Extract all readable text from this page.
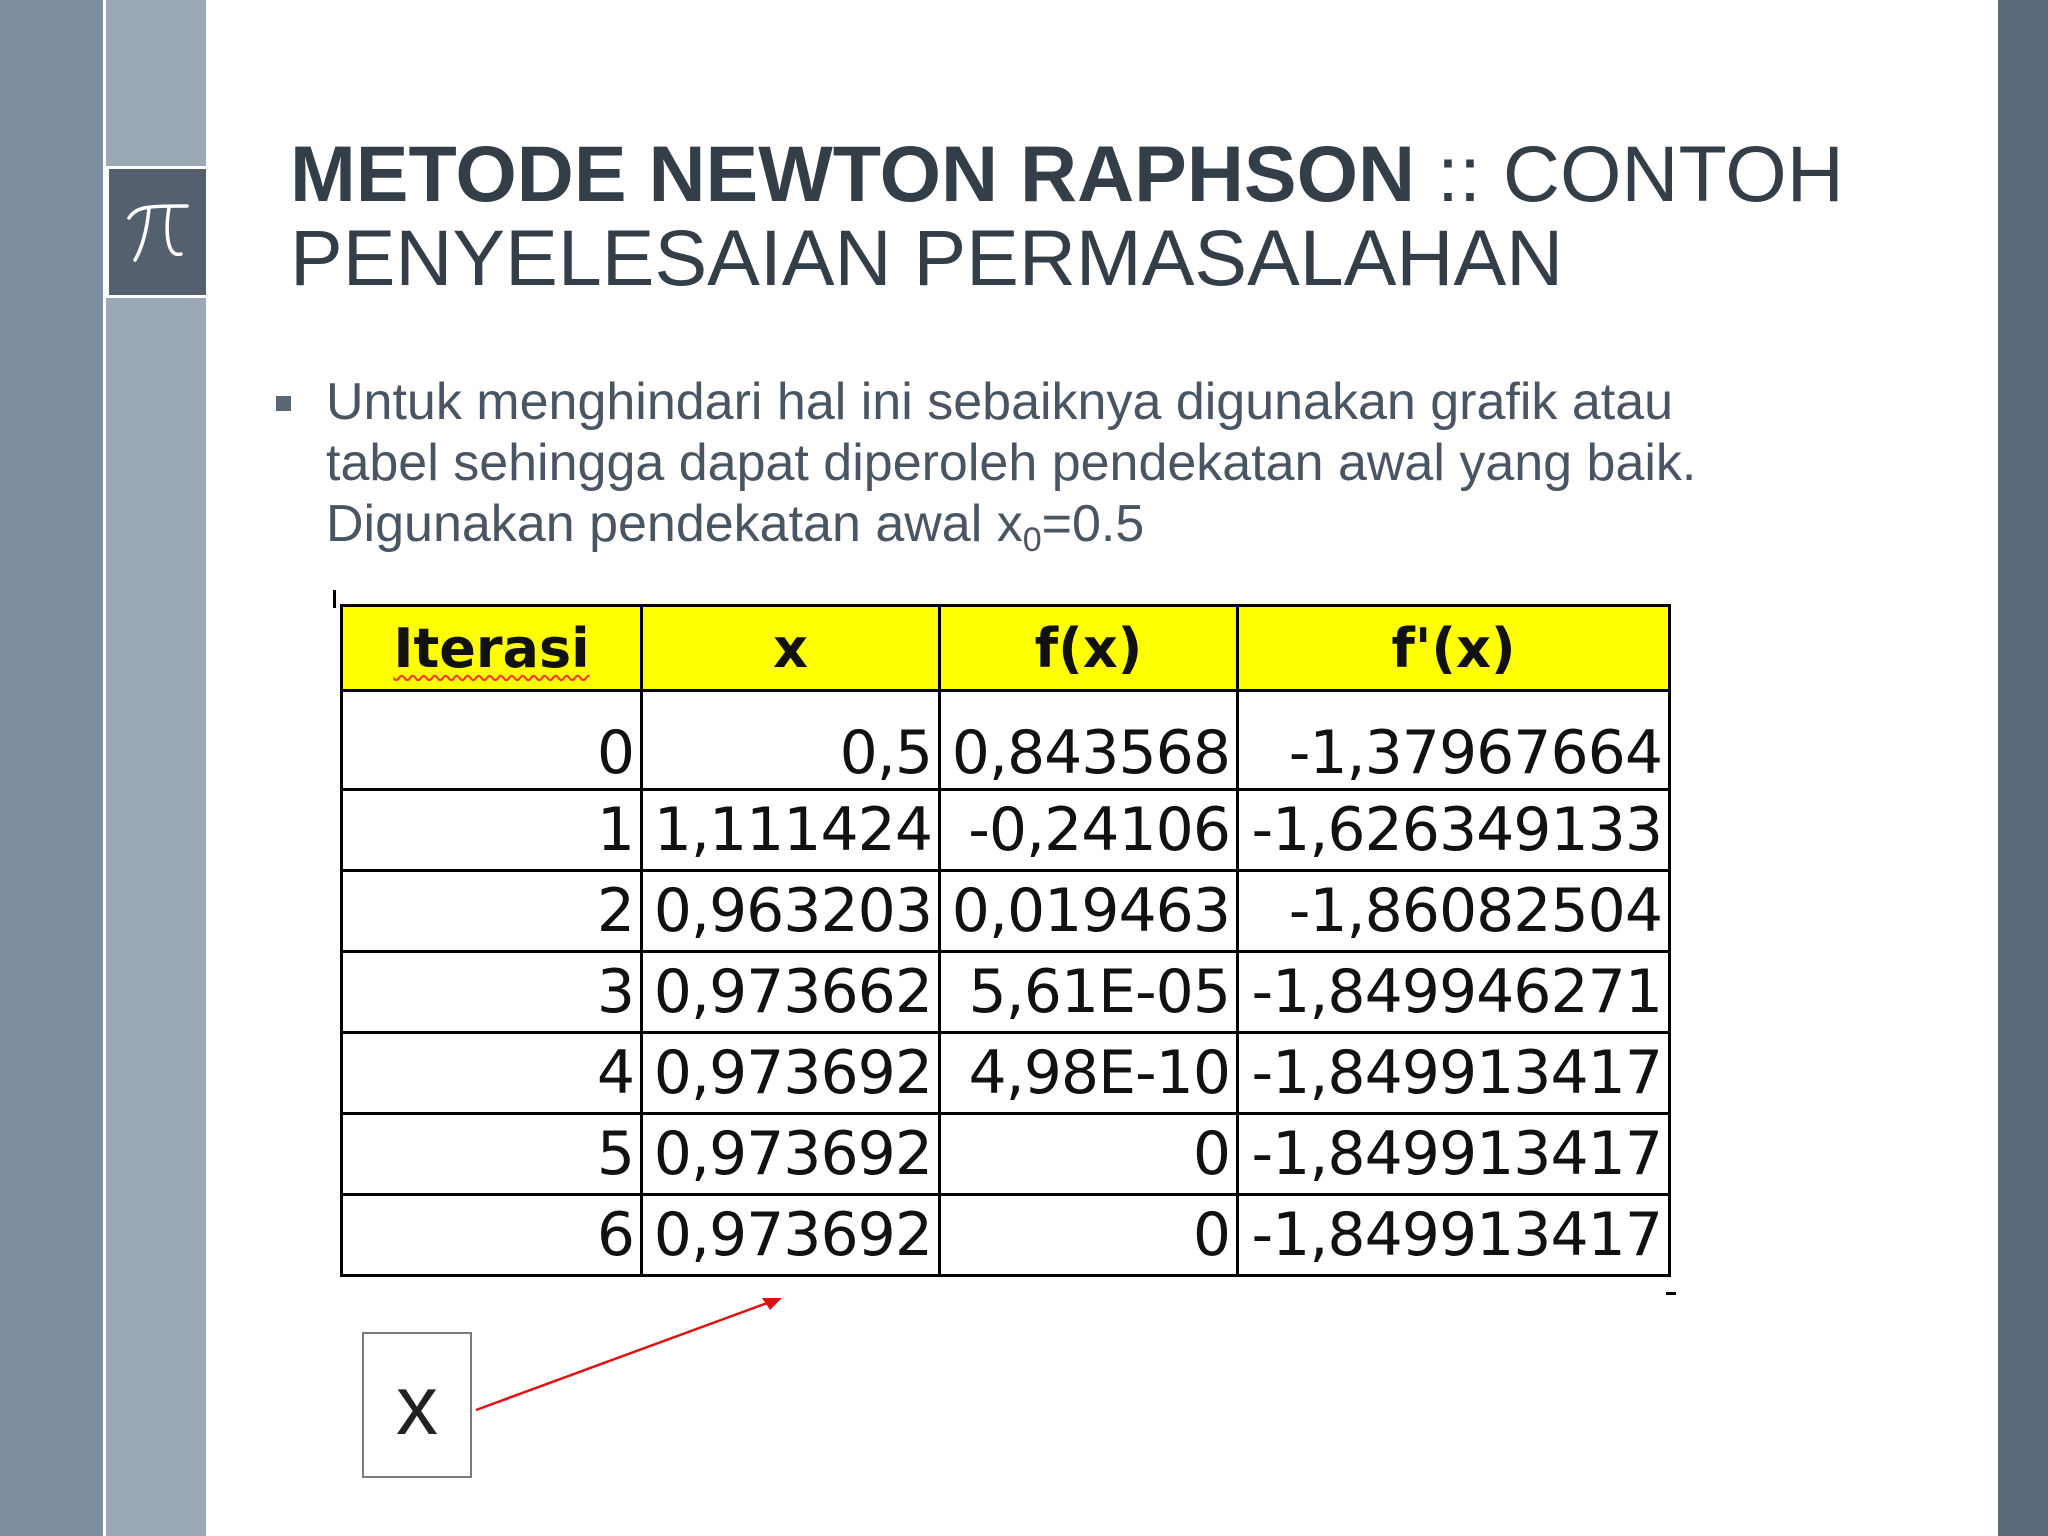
METODE NEWTON RAPHSON :: CONTOH PENYELESAIAN PERMASALAHAN
Untuk menghindari hal ini sebaiknya digunakan grafik atau tabel sehingga dapat diperoleh pendekatan awal yang baik. Digunakan pendekatan awal $x_0=0.5$
Iterasi	x	f(x)	f'(x)
0	0,5	0,843568	-1,37967664
1	1,111424	-0,24106	-1,626349133
2	0,963203	0,019463	-1,86082504
3	0,973662	5,61E-05	-1,849946271
4	0,973692	4,98E-10	-1,849913417
5	0,973692	0	-1,849913417
6	0,973692	0	-1,849913417
x
